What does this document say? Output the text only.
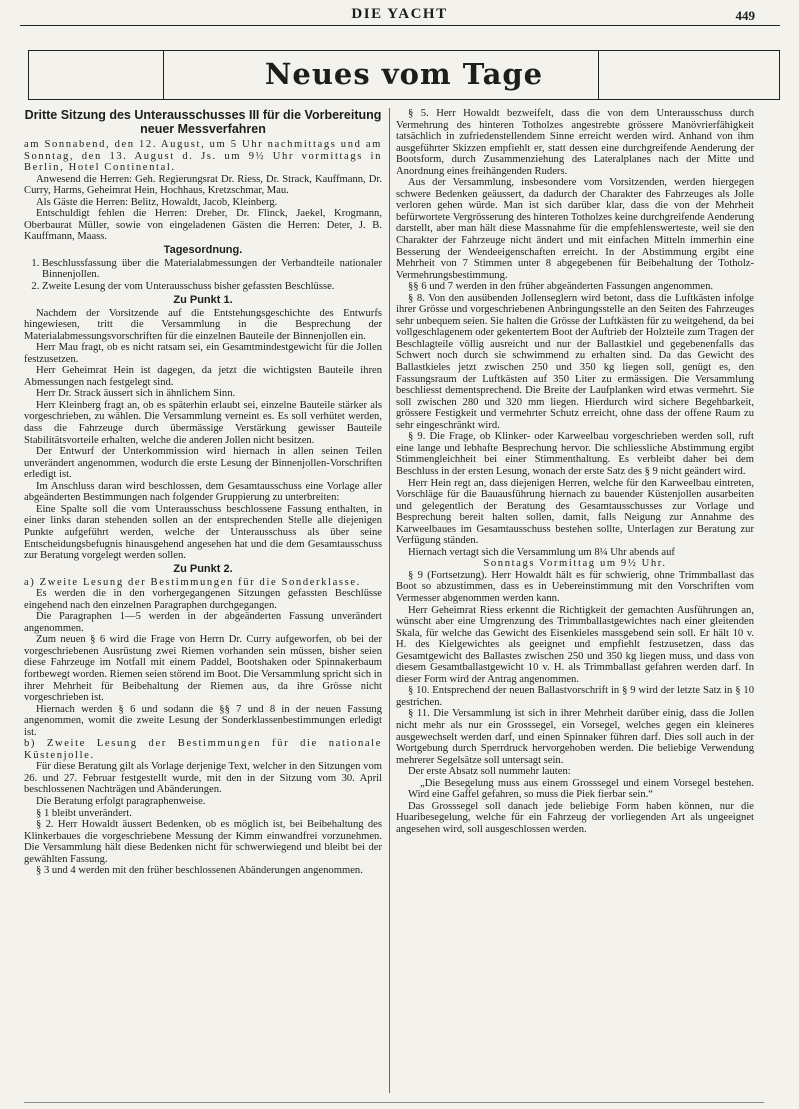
DIE YACHT	449
Neues vom Tage
Dritte Sitzung des Unterausschusses III für die Vorbereitung neuer Messverfahren

am Sonnabend, den 12. August, um 5 Uhr nachmittags und am Sonntag, den 13. August d. Js. um 9½ Uhr vormittags in Berlin, Hotel Continental.

Anwesend die Herren: Geh. Regierungsrat Dr. Riess, Dr. Strack, Kauffmann, Dr. Curry, Harms, Geheimrat Hein, Hochhaus, Kretzschmar, Mau.

Als Gäste die Herren: Belitz, Howaldt, Jacob, Kleinberg.

Entschuldigt fehlen die Herren: Dreher, Dr. Flinck, Jaekel, Krogmann, Oberbaurat Müller, sowie von eingeladenen Gästen die Herren: Deter, J. B. Kauffmann, Maass.

Tagesordnung.
1. Beschlussfassung über die Materialabmessungen der Verbandteile nationaler Binnenjollen.
2. Zweite Lesung der vom Unterausschuss bisher gefassten Beschlüsse.
Zu Punkt 1.

Nachdem der Vorsitzende auf die Entstehungsgeschichte des Entwurfs hingewiesen, tritt die Versammlung in die Besprechung der Materialabmessungsvorschriften für die einzelnen Bauteile der Binnenjollen ein.

Herr Mau fragt, ob es nicht ratsam sei, ein Gesamtmindestgewicht für die Jollen festzusetzen.

Herr Geheimrat Hein ist dagegen, da jetzt die wichtigsten Bauteile ihren Abmessungen nach festgelegt sind.

Herr Dr. Strack äussert sich in ähnlichem Sinn.

Herr Kleinberg fragt an, ob es späterhin erlaubt sei, einzelne Bauteile stärker als vorgeschrieben, zu wählen. Die Versammlung verneint es. Es soll verhütet werden, dass die Fahrzeuge durch übermässige Verstärkung gewisser Bauteile Stabilitätsvorteile erhalten, welche die anderen Jollen nicht besitzen.

Der Entwurf der Unterkommission wird hiernach in allen seinen Teilen unverändert angenommen, wodurch die erste Lesung der Binnenjollen-Vorschriften erledigt ist.

Im Anschluss daran wird beschlossen, dem Gesamtausschuss eine Vorlage aller abgeänderten Bestimmungen nach folgender Gruppierung zu unterbreiten:

Eine Spalte soll die vom Unterausschuss beschlossene Fassung enthalten, in einer links daran stehenden sollen an der entsprechenden Stelle alle diejenigen Punkte aufgeführt werden, welche der Unterausschuss als über seine Entscheidungsbefugnis hinausgehend angesehen hat und die dem Gesamtausschuss zur Beratung vorgelegt werden sollen.

Zu Punkt 2.

a) Zweite Lesung der Bestimmungen für die Sonderklasse.

Es werden die in den vorhergegangenen Sitzungen gefassten Beschlüsse eingehend nach den einzelnen Paragraphen durchgegangen.

Die Paragraphen 1—5 werden in der abgeänderten Fassung unverändert angenommen.

Zum neuen § 6 wird die Frage von Herrn Dr. Curry aufgeworfen, ob bei der vorgeschriebenen Ausrüstung zwei Riemen vorhanden sein müssen, bisher seien diese Fahrzeuge im Notfall mit einem Paddel, Bootshaken oder Spinnakerbaum fortbewegt worden. Riemen seien störend im Boot. Die Versammlung spricht sich in ihrer Mehrheit für Beibehaltung der Riemen aus, da ihre Grösse nicht vorgeschrieben ist.

Hiernach werden § 6 und sodann die §§ 7 und 8 in der neuen Fassung angenommen, womit die zweite Lesung der Sonderklassenbestimmungen erledigt ist.

b) Zweite Lesung der Bestimmungen für die nationale Küstenjolle.

Für diese Beratung gilt als Vorlage derjenige Text, welcher in den Sitzungen vom 26. und 27. Februar festgestellt wurde, mit den in der Sitzung vom 30. April beschlossenen Nachträgen und Abänderungen.

Die Beratung erfolgt paragraphenweise.

§ 1 bleibt unverändert.

§ 2. Herr Howaldt äussert Bedenken, ob es möglich ist, bei Beibehaltung des Klinkerbaues die vorgeschriebene Messung der Kimm einwandfrei vorzunehmen. Die Versammlung hält diese Bedenken nicht für schwerwiegend und bleibt bei der gewählten Fassung.

§ 3 und 4 werden mit den früher beschlossenen Abänderungen angenommen.

§ 5. Herr Howaldt bezweifelt, dass die von dem Unterausschuss durch Vermehrung des hinteren Totholzes angestrebte grössere Manövrierfähigkeit tatsächlich in zufriedenstellendem Sinne erreicht werden wird. Anhand von ihm ausgeführter Skizzen empfiehlt er, statt dessen eine durchgreifende Aenderung der Bootsform, durch Zusammenziehung des Lateralplanes nach der Mitte und Anordnung eines freihängenden Ruders.

Aus der Versammlung, insbesondere vom Vorsitzenden, werden hiergegen schwere Bedenken geäussert, da dadurch der Charakter des Fahrzeuges als Jolle verloren gehen würde. Man ist sich darüber klar, dass die von der Mehrheit befürwortete Vergrösserung des hinteren Totholzes keine durchgreifende Aenderung darstellt, aber man hält diese Massnahme für die empfehlenswerteste, weil sie den Charakter der Fahrzeuge nicht ändert und mit einfachen Mitteln immerhin eine Besserung der Wendeeigenschaften erreicht. In der Abstimmung ergibt eine Mehrheit von 7 Stimmen unter 8 abgegebenen für Beibehaltung der Totholz-Vermehrungsbestimmung.

§§ 6 und 7 werden in den früher abgeänderten Fassungen angenommen.

§ 8. Von den ausübenden Jollenseglern wird betont, dass die Luftkästen infolge ihrer Grösse und vorgeschriebenen Anbringungsstelle an den Seiten des Fahrzeuges sehr unbequem seien. Sie halten die Grösse der Luftkästen für zu weitgehend, da bei vollgeschlagenem oder gekentertem Boot der Auftrieb der Holzteile zum Tragen der Beschlagteile völlig ausreicht und nur der Ballastkiel und gegebenenfalls das Schwert noch durch sie schwimmend zu erhalten sind. Da das Gewicht des Ballastkieles jetzt zwischen 250 und 350 kg liegen soll, genügt es, den Fassungsraum der Luftkästen auf 350 Liter zu ermässigen. Die Versammlung beschliesst dementsprechend. Die Breite der Laufplanken wird etwas vermehrt. Sie soll zwischen 280 und 320 mm liegen. Hierdurch wird sichere Begehbarkeit, grössere Festigkeit und vermehrter Schutz erreicht, ohne dass der offene Raum zu sehr eingeschränkt wird.

§ 9. Die Frage, ob Klinker- oder Karweelbau vorgeschrieben werden soll, ruft eine lange und lebhafte Besprechung hervor. Die schliessliche Abstimmung ergibt Stimmengleichheit bei einer Stimmenthaltung. Es verbleibt daher bei dem Beschluss in der ersten Lesung, wonach der erste Satz des § 9 nicht geändert wird.

Herr Hein regt an, dass diejenigen Herren, welche für den Karweelbau eintreten, Vorschläge für die Bauausführung hiernach zu bauender Küstenjollen ausarbeiten und gelegentlich der Beratung des Gesamtausschusses zur Vorlage und Besprechung bereit halten sollen, damit, falls Neigung zur Annahme des Karweelbaues im Gesamtausschuss bestehen sollte, Unterlagen zur Beratung zur Verfügung ständen.

Hiernach vertagt sich die Versammlung um 8¼ Uhr abends auf

Sonntags Vormittag um 9½ Uhr.

§ 9 (Fortsetzung). Herr Howaldt hält es für schwierig, ohne Trimmballast das Boot so abzustimmen, dass es in Uebereinstimmung mit den Vorschriften vom Vermesser abgenommen werden kann.

Herr Geheimrat Riess erkennt die Richtigkeit der gemachten Ausführungen an, wünscht aber eine Umgrenzung des Trimmballastgewichtes nach einer gleitenden Skala, für welche das Gewicht des Eisenkieles massgebend sein soll. Er hält 10 v. H. des Kielgewichtes als geeignet und empfiehlt festzusetzen, dass das Gesamtgewicht des Ballastes zwischen 250 und 350 kg liegen muss, und dass von diesem Gesamtballastgewicht 10 v. H. als Trimmballast gefahren werden darf. In dieser Form wird der Antrag angenommen.

§ 10. Entsprechend der neuen Ballastvorschrift in § 9 wird der letzte Satz in § 10 gestrichen.

§ 11. Die Versammlung ist sich in ihrer Mehrheit darüber einig, dass die Jollen nicht mehr als nur ein Grosssegel, ein Vorsegel, welches gegen ein kleineres ausgewechselt werden darf, und einen Spinnaker führen darf. Dies soll auch in der Wortgebung durch Sperrdruck hervorgehoben werden. Die beliebige Verwendung mehrerer Segelsätze soll untersagt sein.

Der erste Absatz soll nummehr lauten:

„Die Besegelung muss aus einem Grosssegel und einem Vorsegel bestehen. Wird eine Gaffel gefahren, so muss die Piek fierbar sein.“

Das Grosssegel soll danach jede beliebige Form haben können, nur die Huaribesegelung, welche für ein Fahrzeug der vorliegenden Art als ungeeignet angesehen wird, soll ausgeschlossen werden.
